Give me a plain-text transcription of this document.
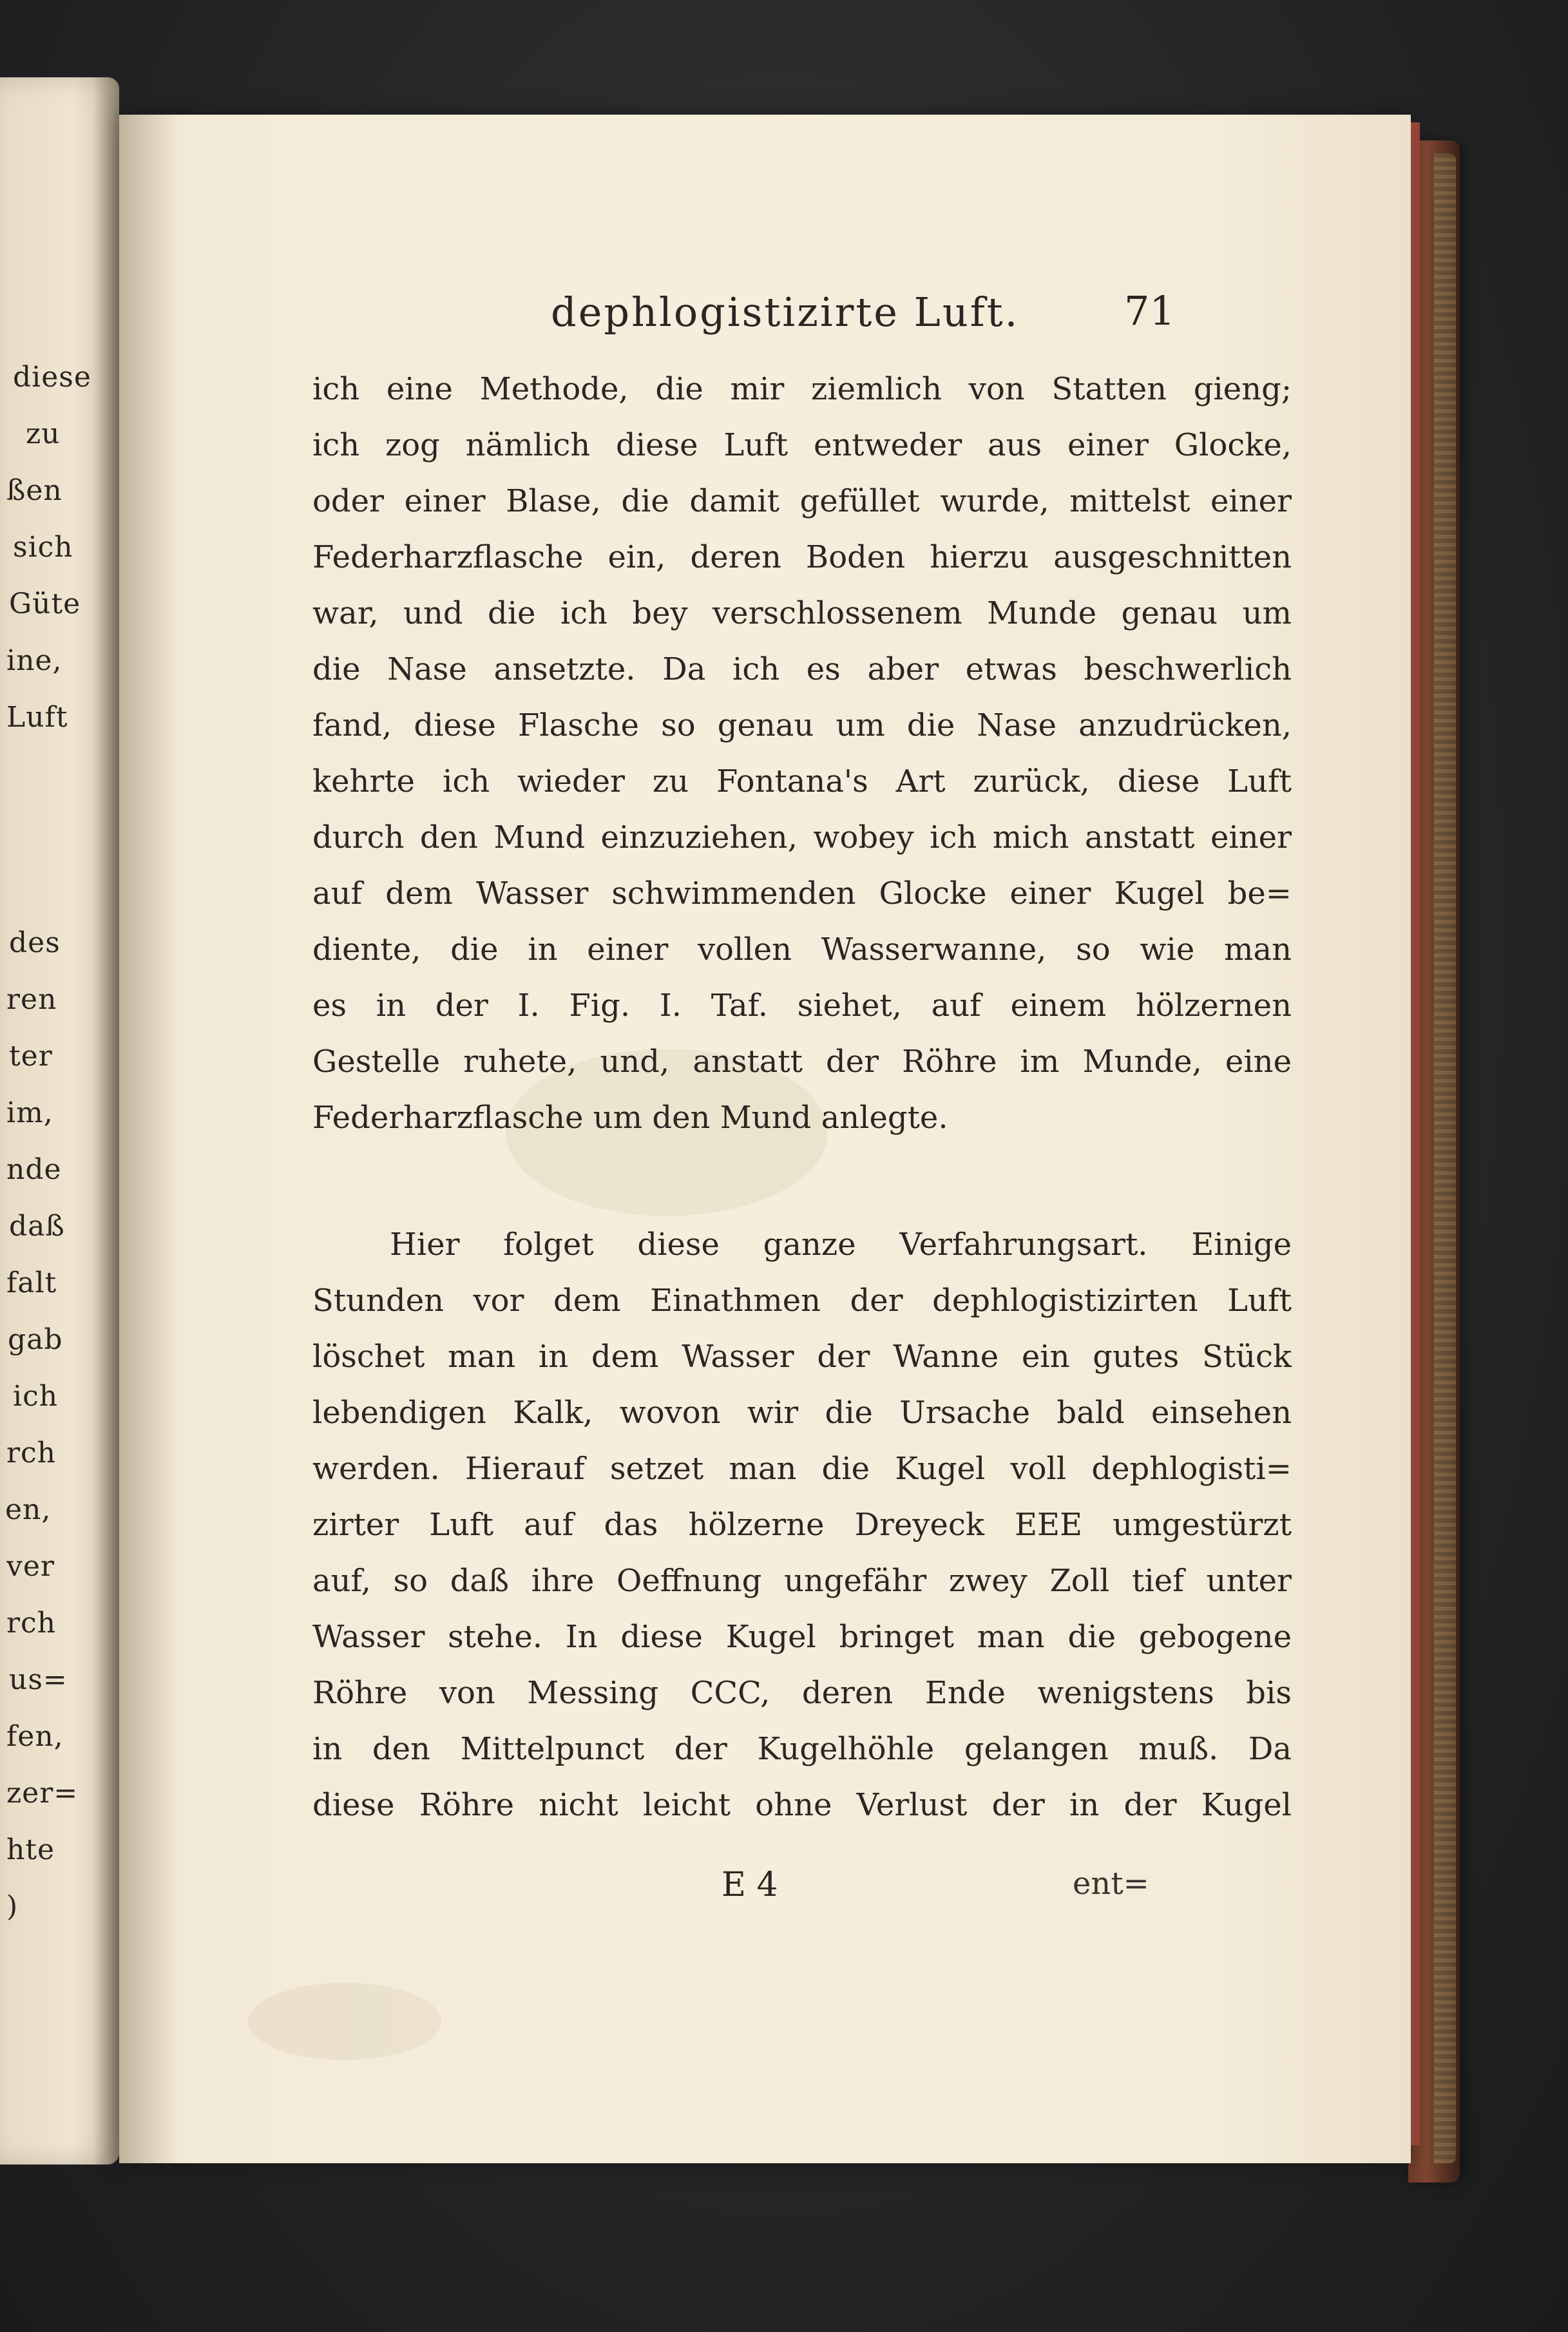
diese
zu
ßen
sich
Güte
ine,
Luft
des
ren
ter
im,
nde
daß
falt
gab
ich
rch
en,
ver
rch
us=
fen,
zer=
hte
)
dephlogistizirte Luft.	71
ich eine Methode, die mir ziemlich von Statten gieng;
ich zog nämlich diese Luft entweder aus einer Glocke,
oder einer Blase, die damit gefüllet wurde, mittelst einer
Federharzflasche ein, deren Boden hierzu ausgeschnitten
war, und die ich bey verschlossenem Munde genau um
die Nase ansetzte. Da ich es aber etwas beschwerlich
fand, diese Flasche so genau um die Nase anzudrücken,
kehrte ich wieder zu Fontana's Art zurück, diese Luft
durch den Mund einzuziehen, wobey ich mich anstatt einer
auf dem Wasser schwimmenden Glocke einer Kugel be=
diente, die in einer vollen Wasserwanne, so wie man
es in der I. Fig. I. Taf. siehet, auf einem hölzernen
Gestelle ruhete, und, anstatt der Röhre im Munde, eine
Federharzflasche um den Mund anlegte.
Hier folget diese ganze Verfahrungsart. Einige
Stunden vor dem Einathmen der dephlogistizirten Luft
löschet man in dem Wasser der Wanne ein gutes Stück
lebendigen Kalk, wovon wir die Ursache bald einsehen
werden. Hierauf setzet man die Kugel voll dephlogisti=
zirter Luft auf das hölzerne Dreyeck EEE umgestürzt
auf, so daß ihre Oeffnung ungefähr zwey Zoll tief unter
Wasser stehe. In diese Kugel bringet man die gebogene
Röhre von Messing CCC, deren Ende wenigstens bis
in den Mittelpunct der Kugelhöhle gelangen muß. Da
diese Röhre nicht leicht ohne Verlust der in der Kugel
E 4	ent=
